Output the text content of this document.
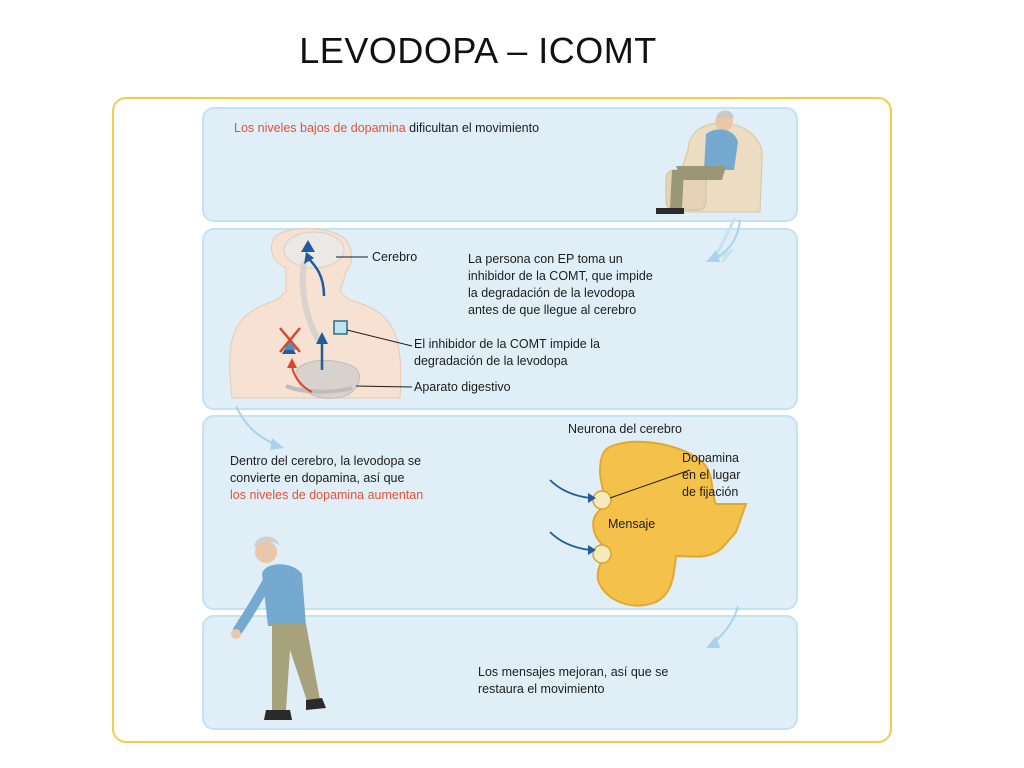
LEVODOPA – ICOMT
Los niveles bajos de dopamina dificultan el movimiento
Cerebro	La persona con EP toma un
inhibidor de la COMT, que impide
la degradación de la levodopa
antes de que llegue al cerebro
El inhibidor de la COMT impide la
degradación de la levodopa
Aparato digestivo
Neurona del cerebro
Dentro del cerebro, la levodopa se
convierte en dopamina, así que
los niveles de dopamina aumentan
Dopamina
en el lugar
de fijación
Mensaje
Los mensajes mejoran, así que se
restaura el movimiento
